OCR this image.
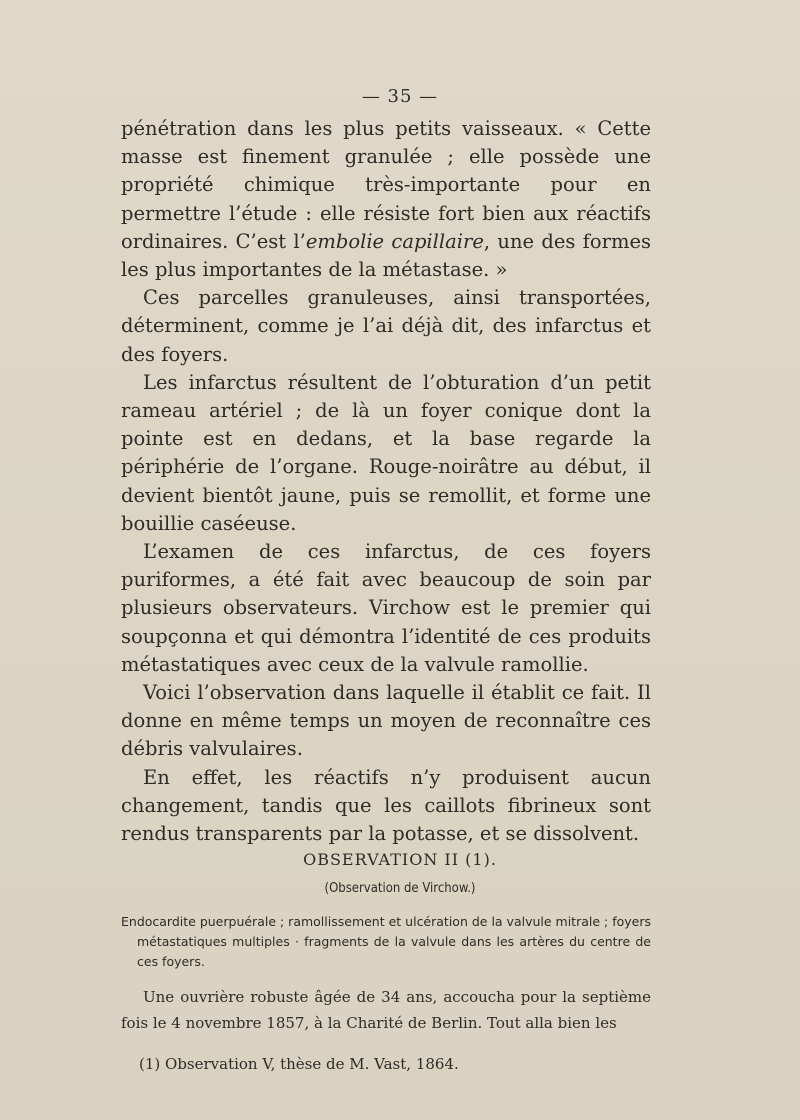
— 35 —

pénétration dans les plus petits vaisseaux. « Cette masse est finement granulée ; elle possède une propriété chimique très-importante pour en permettre l’étude : elle résiste fort bien aux réactifs ordinaires. C’est l’embolie capillaire, une des formes les plus importantes de la métastase. »

Ces parcelles granuleuses, ainsi transportées, déterminent, comme je l’ai déjà dit, des infarctus et des foyers.

Les infarctus résultent de l’obturation d’un petit rameau artériel ; de là un foyer conique dont la pointe est en dedans, et la base regarde la périphérie de l’organe. Rouge-noirâtre au début, il devient bientôt jaune, puis se remollit, et forme une bouillie caséeuse.

L’examen de ces infarctus, de ces foyers puriformes, a été fait avec beaucoup de soin par plusieurs observateurs. Virchow est le premier qui soupçonna et qui démontra l’identité de ces produits métastatiques avec ceux de la valvule ramollie.

Voici l’observation dans laquelle il établit ce fait. Il donne en même temps un moyen de reconnaître ces débris valvulaires.

En effet, les réactifs n’y produisent aucun changement, tandis que les caillots fibrineux sont rendus transparents par la potasse, et se dissolvent.

OBSERVATION II (1).
(Observation de Virchow.)
Endocardite puerpuérale ; ramollissement et ulcération de la valvule mitrale ; foyers
métastatiques multiples · fragments de la valvule dans les artères du centre de ces foyers.

Une ouvrière robuste âgée de 34 ans, accoucha pour la septième fois le 4 novembre 1857, à la Charité de Berlin. Tout alla bien les

(1) Observation V, thèse de M. Vast, 1864.
